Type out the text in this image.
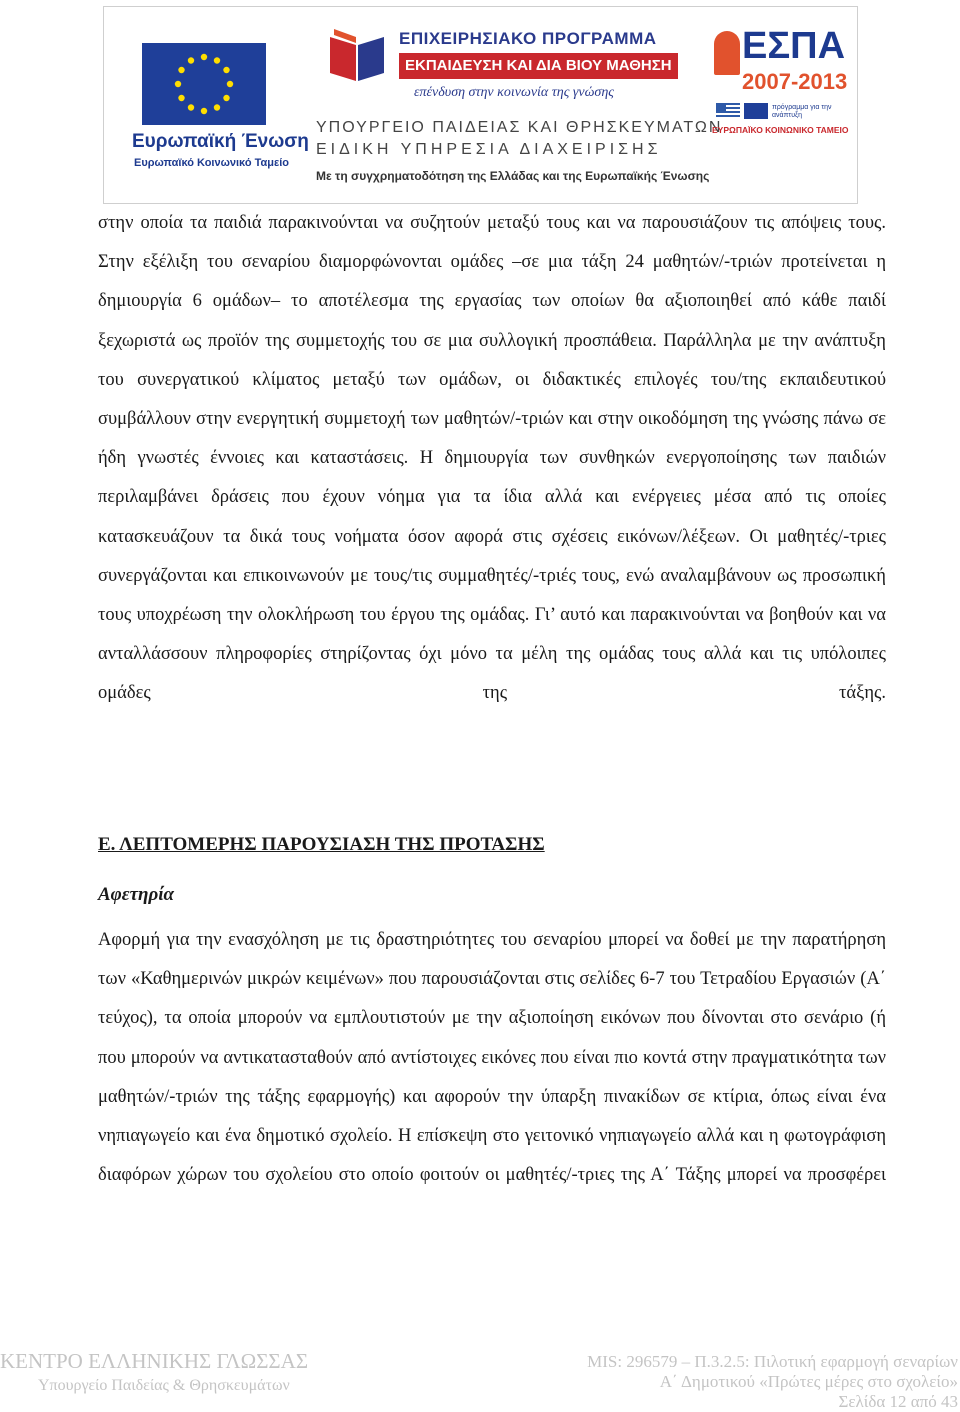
Ευρωπαϊκή Ένωση
Ευρωπαϊκό Κοινωνικό Ταμείο
ΕΠΙΧΕΙΡΗΣΙΑΚΟ ΠΡΟΓΡΑΜΜΑ
ΕΚΠΑΙΔΕΥΣΗ ΚΑΙ ΔΙΑ ΒΙΟΥ ΜΑΘΗΣΗ
επένδυση στην κοινωνία της γνώσης
ΥΠΟΥΡΓΕΙΟ ΠΑΙΔΕΙΑΣ ΚΑΙ ΘΡΗΣΚΕΥΜΑΤΩΝ
ΕΙΔΙΚΗ ΥΠΗΡΕΣΙΑ ΔΙΑΧΕΙΡΙΣΗΣ
Με τη συγχρηματοδότηση της Ελλάδας και της Ευρωπαϊκής Ένωσης
ΕΣΠΑ
2007-2013
πρόγραμμα για την ανάπτυξη
ΕΥΡΩΠΑΪΚΟ ΚΟΙΝΩΝΙΚΟ ΤΑΜΕΙΟ

στην οποία τα παιδιά παρακινούνται να συζητούν μεταξύ τους και να παρουσιάζουν τις απόψεις τους. Στην εξέλιξη του σεναρίου διαμορφώνονται ομάδες –σε μια τάξη 24 μαθητών/-τριών προτείνεται η δημιουργία 6 ομάδων– το αποτέλεσμα της εργασίας των οποίων θα αξιοποιηθεί από κάθε παιδί ξεχωριστά ως προϊόν της συμμετοχής του σε μια συλλογική προσπάθεια. Παράλληλα με την ανάπτυξη του συνεργατικού κλίματος μεταξύ των ομάδων, οι διδακτικές επιλογές του/της εκπαιδευτικού συμβάλλουν στην ενεργητική συμμετοχή των μαθητών/-τριών και στην οικοδόμηση της γνώσης πάνω σε ήδη γνωστές έννοιες και καταστάσεις. Η δημιουργία των συνθηκών ενεργοποίησης των παιδιών περιλαμβάνει δράσεις που έχουν νόημα για τα ίδια αλλά και ενέργειες μέσα από τις οποίες κατασκευάζουν τα δικά τους νοήματα όσον αφορά στις σχέσεις εικόνων/λέξεων. Οι μαθητές/-τριες συνεργάζονται και επικοινωνούν με τους/τις συμμαθητές/-τριές τους, ενώ αναλαμβάνουν ως προσωπική τους υποχρέωση την ολοκλήρωση του έργου της ομάδας. Γι’ αυτό και παρακινούνται να βοηθούν και να ανταλλάσσουν πληροφορίες στηρίζοντας όχι μόνο τα μέλη της ομάδας τους αλλά και τις υπόλοιπες ομάδες της τάξης.

Ε. ΛΕΠΤΟΜΕΡΗΣ ΠΑΡΟΥΣΙΑΣΗ ΤΗΣ ΠΡΟΤΑΣΗΣ
Αφετηρία

Αφορμή για την ενασχόληση με τις δραστηριότητες του σεναρίου μπορεί να δοθεί με την παρατήρηση των «Καθημερινών μικρών κειμένων» που παρουσιάζονται στις σελίδες 6-7 του Τετραδίου Εργασιών (Α΄ τεύχος), τα οποία μπορούν να εμπλουτιστούν με την αξιοποίηση εικόνων που δίνονται στο σενάριο (ή που μπορούν να αντικατασταθούν από αντίστοιχες εικόνες που είναι πιο κοντά στην πραγματικότητα των μαθητών/-τριών της τάξης εφαρμογής) και αφορούν την ύπαρξη πινακίδων σε κτίρια, όπως είναι ένα νηπιαγωγείο και ένα δημοτικό σχολείο. Η επίσκεψη στο γειτονικό νηπιαγωγείο αλλά και η φωτογράφιση διαφόρων χώρων του σχολείου στο οποίο φοιτούν οι μαθητές/-τριες της Α΄ Τάξης μπορεί να προσφέρει

ΚΕΝΤΡΟ ΕΛΛΗΝΙΚΗΣ ΓΛΩΣΣΑΣ
Υπουργείο Παιδείας & Θρησκευμάτων
MIS: 296579 – Π.3.2.5: Πιλοτική εφαρμογή σεναρίων
Α΄ Δημοτικού «Πρώτες μέρες στο σχολείο»
Σελίδα 12 από 43
